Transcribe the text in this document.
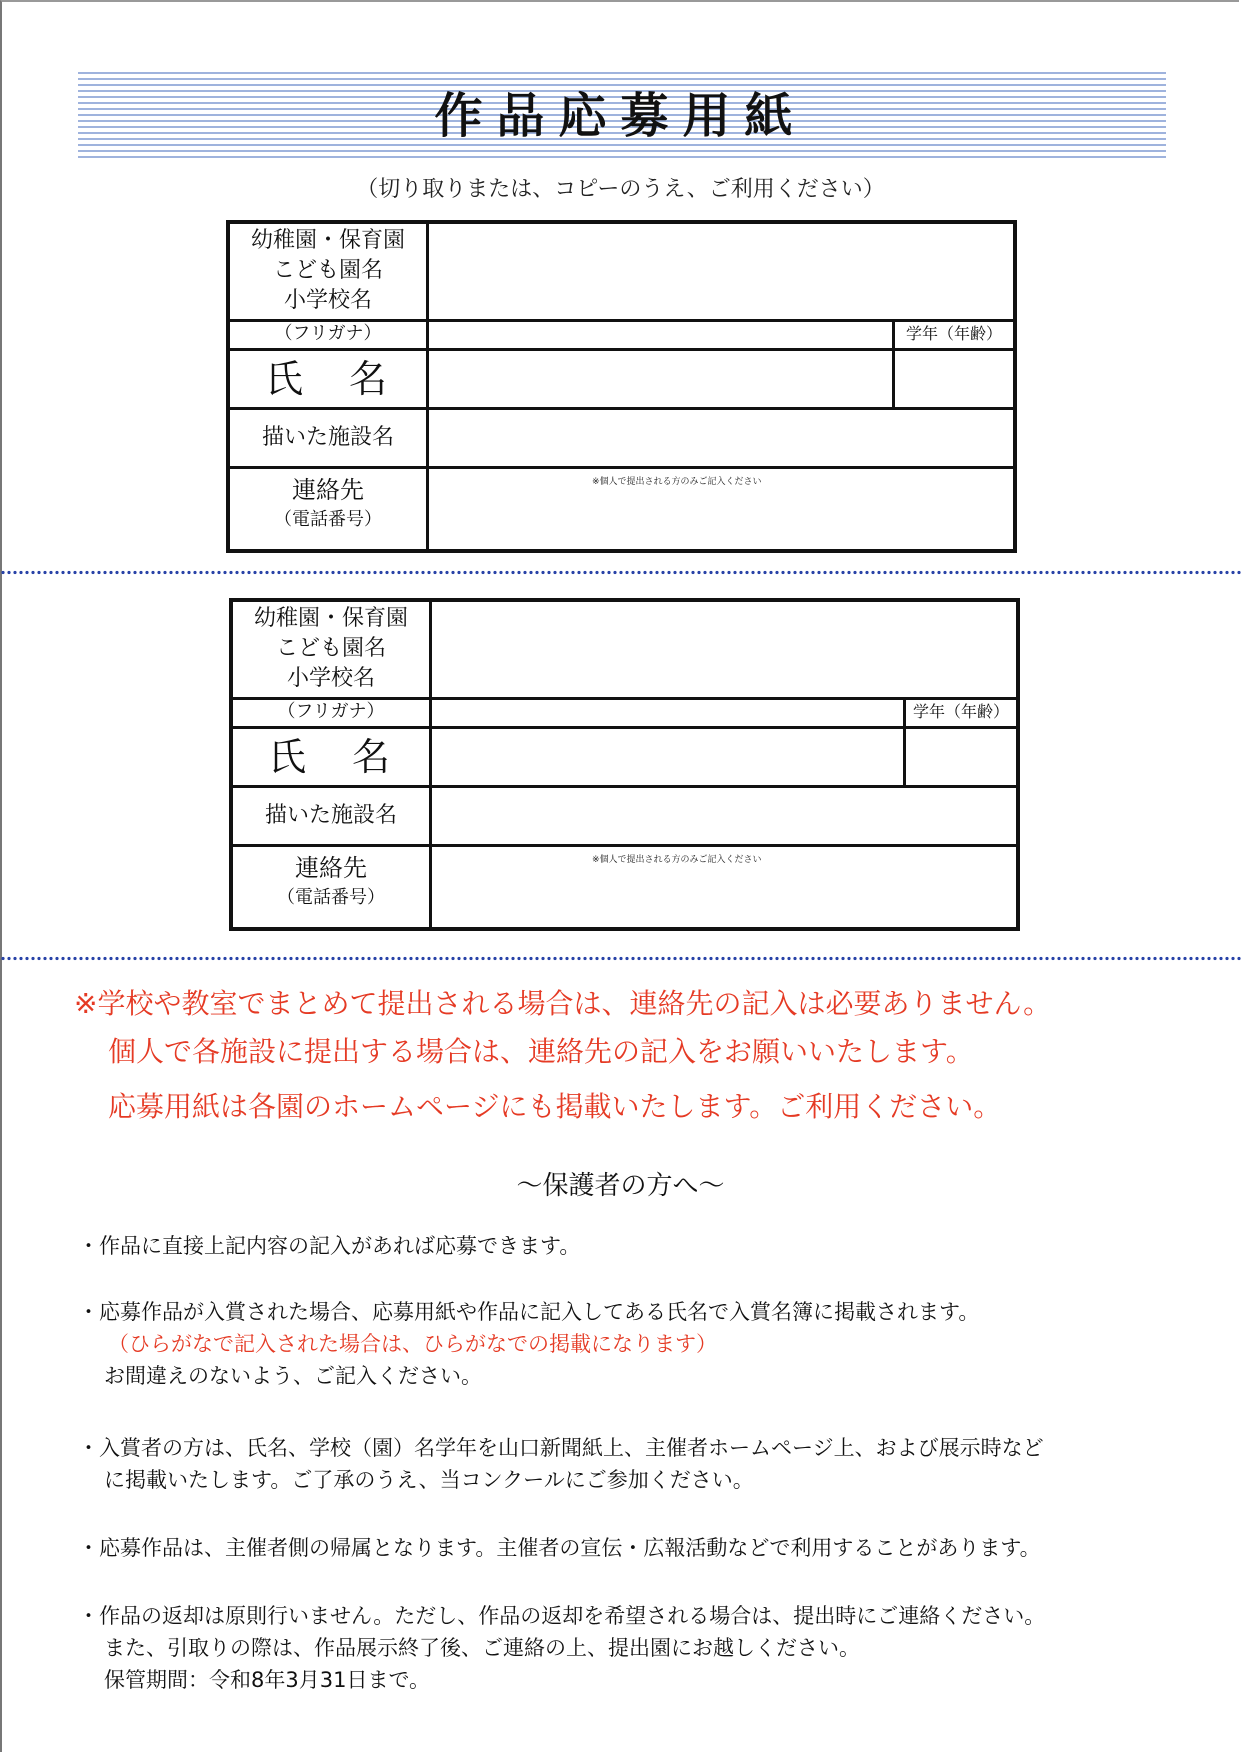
作品応募用紙
（切り取りまたは、コピーのうえ、ご利用ください）
幼稚園・保育園
こども園名
小学校名
（フリガナ）	学年（年齢）
氏　名
描いた施設名
連絡先
（電話番号）
※個人で提出される方のみご記入ください
幼稚園・保育園
こども園名
小学校名
（フリガナ）	学年（年齢）
氏　名
描いた施設名
連絡先
（電話番号）
※個人で提出される方のみご記入ください
※学校や教室でまとめて提出される場合は、連絡先の記入は必要ありません。
個人で各施設に提出する場合は、連絡先の記入をお願いいたします。
応募用紙は各園のホームページにも掲載いたします。ご利用ください。
～保護者の方へ～
・作品に直接上記内容の記入があれば応募できます。
・応募作品が入賞された場合、応募用紙や作品に記入してある氏名で入賞名簿に掲載されます。
（ひらがなで記入された場合は、ひらがなでの掲載になります）
お間違えのないよう、ご記入ください。
・入賞者の方は、氏名、学校（園）名学年を山口新聞紙上、主催者ホームページ上、および展示時など
に掲載いたします。ご了承のうえ、当コンクールにご参加ください。
・応募作品は、主催者側の帰属となります。主催者の宣伝・広報活動などで利用することがあります。
・作品の返却は原則行いません。ただし、作品の返却を希望される場合は、提出時にご連絡ください。
また、引取りの際は、作品展示終了後、ご連絡の上、提出園にお越しください。
保管期間：令和8年3月31日まで。
